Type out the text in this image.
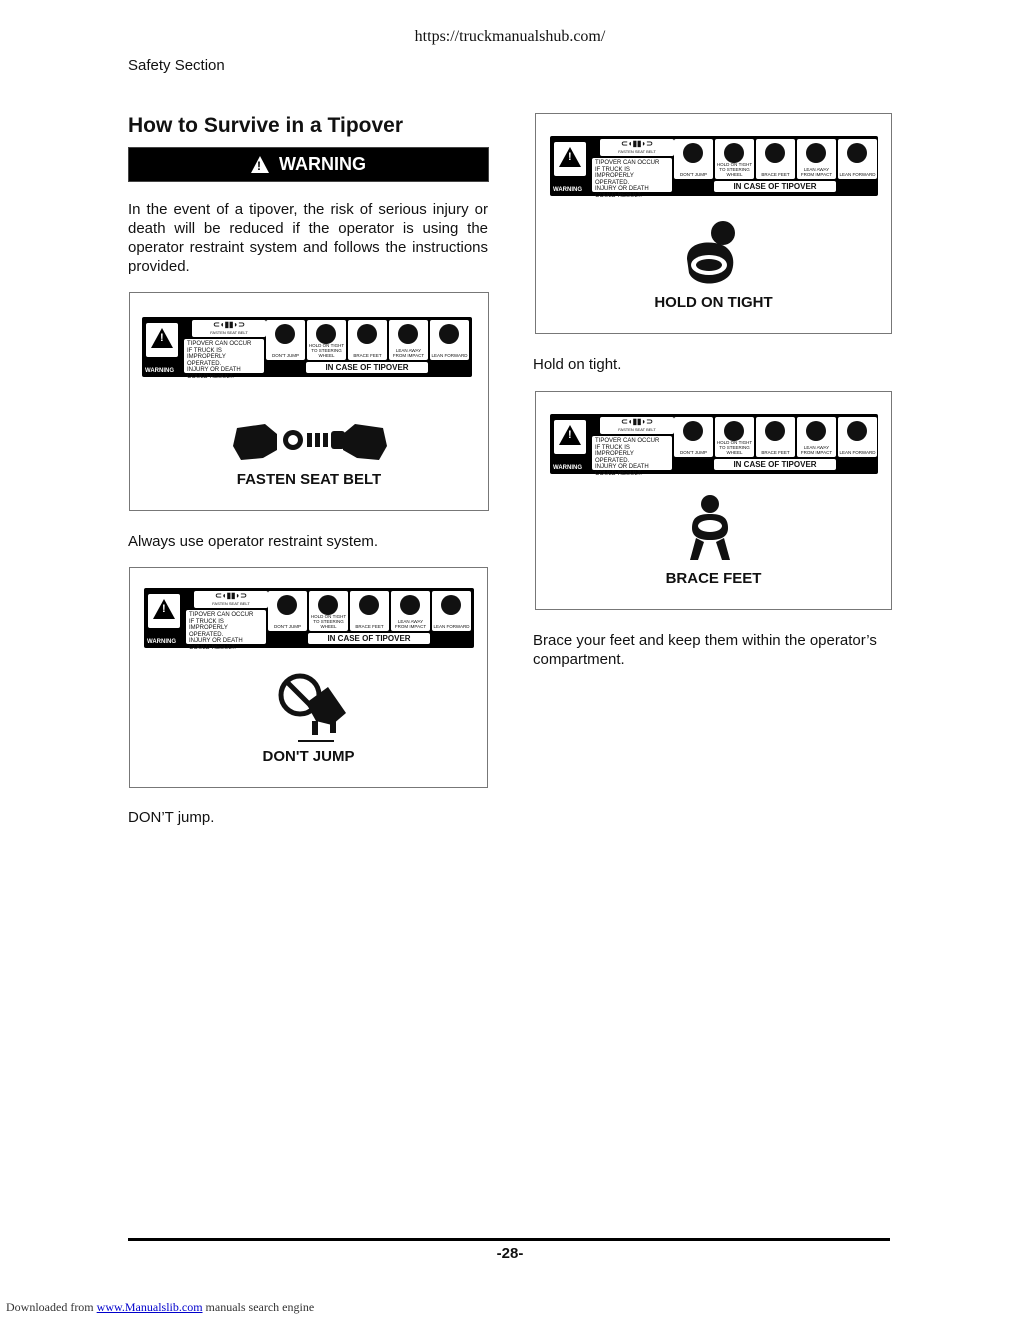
https://truckmanualshub.com/
Safety Section
How to Survive in a Tipover
! WARNING
In the event of a tipover, the risk of serious injury or death will be reduced if the operator is using the operator restraint system and follows the instructions provided.
!
WARNING
⊂◖▮▮◗⊃
FASTEN SEAT BELT
TIPOVER CAN OCCUR
IF TRUCK IS IMPROPERLY
OPERATED.
INJURY OR DEATH
COULD RESULT.
DON'T JUMP
HOLD ON TIGHT TO STEERING WHEEL	BRACE FEET
LEAN AWAY FROM IMPACT	LEAN FORWARD
IN CASE OF TIPOVER
FASTEN SEAT BELT
Always use operator restraint system.
!
WARNING
⊂◖▮▮◗⊃
FASTEN SEAT BELT
TIPOVER CAN OCCUR
IF TRUCK IS IMPROPERLY
OPERATED.
INJURY OR DEATH
COULD RESULT.
DON'T JUMP
HOLD ON TIGHT TO STEERING WHEEL	BRACE FEET
LEAN AWAY FROM IMPACT	LEAN FORWARD
IN CASE OF TIPOVER
DON'T JUMP
DON’T jump.
!
WARNING
⊂◖▮▮◗⊃
FASTEN SEAT BELT
TIPOVER CAN OCCUR
IF TRUCK IS IMPROPERLY
OPERATED.
INJURY OR DEATH
COULD RESULT.
DON'T JUMP
HOLD ON TIGHT TO STEERING WHEEL	BRACE FEET
LEAN AWAY FROM IMPACT	LEAN FORWARD
IN CASE OF TIPOVER
HOLD ON TIGHT
Hold on tight.
!
WARNING
⊂◖▮▮◗⊃
FASTEN SEAT BELT
TIPOVER CAN OCCUR
IF TRUCK IS IMPROPERLY
OPERATED.
INJURY OR DEATH
COULD RESULT.
DON'T JUMP
HOLD ON TIGHT TO STEERING WHEEL	BRACE FEET
LEAN AWAY FROM IMPACT	LEAN FORWARD
IN CASE OF TIPOVER
BRACE FEET
Brace your feet and keep them within the operator’s compartment.
-28-
Downloaded from www.Manualslib.com manuals search engine
